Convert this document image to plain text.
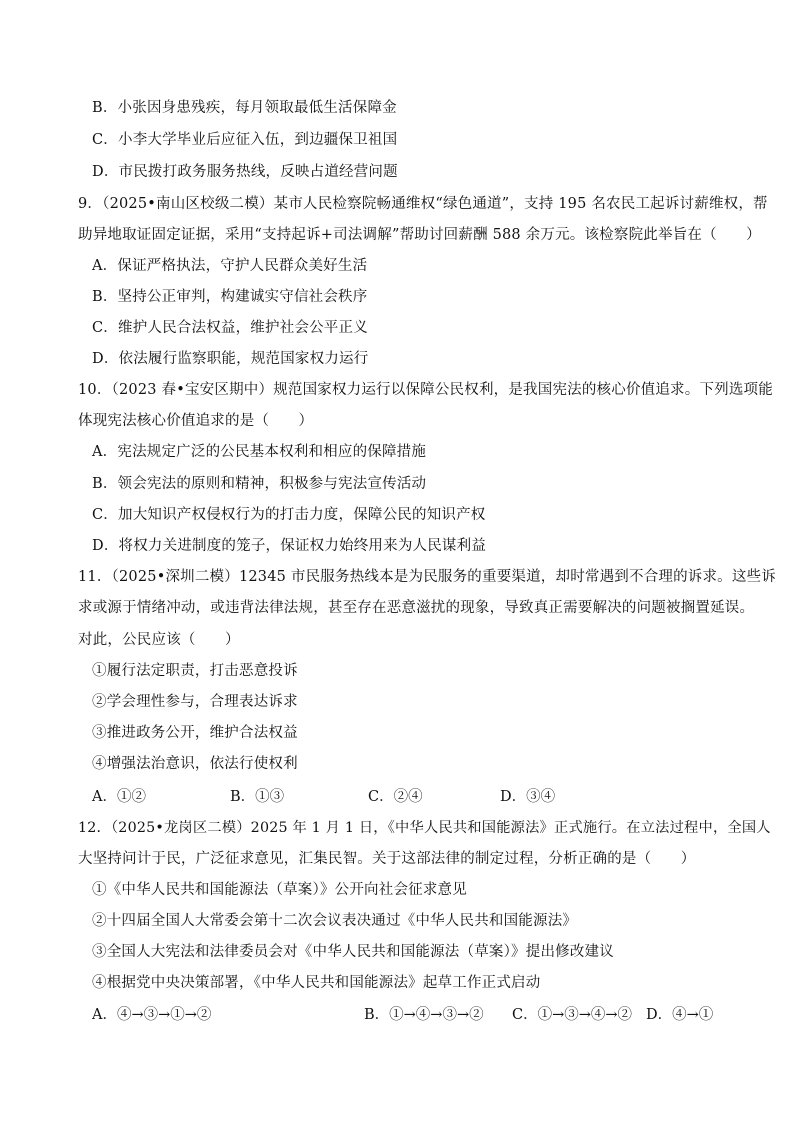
B．小张因身患残疾，每月领取最低生活保障金
C．小李大学毕业后应征入伍，到边疆保卫祖国
D．市民拨打政务服务热线，反映占道经营问题
9．（2025•南山区校级二模）某市人民检察院畅通维权“绿色通道”，支持 195 名农民工起诉讨薪维权，帮
助异地取证固定证据，采用“支持起诉+司法调解”帮助讨回薪酬 588 余万元。该检察院此举旨在（　　）
A．保证严格执法，守护人民群众美好生活
B．坚持公正审判，构建诚实守信社会秩序
C．维护人民合法权益，维护社会公平正义
D．依法履行监察职能，规范国家权力运行
10．（2023 春•宝安区期中）规范国家权力运行以保障公民权利，是我国宪法的核心价值追求。下列选项能
体现宪法核心价值追求的是（　　）
A．宪法规定广泛的公民基本权利和相应的保障措施
B．领会宪法的原则和精神，积极参与宪法宣传活动
C．加大知识产权侵权行为的打击力度，保障公民的知识产权
D．将权力关进制度的笼子，保证权力始终用来为人民谋利益
11．（2025•深圳二模）12345 市民服务热线本是为民服务的重要渠道，却时常遇到不合理的诉求。这些诉
求或源于情绪冲动，或违背法律法规，甚至存在恶意滋扰的现象，导致真正需要解决的问题被搁置延误。
对此，公民应该（　　）
①履行法定职责，打击恶意投诉
②学会理性参与，合理表达诉求
③推进政务公开，维护合法权益
④增强法治意识，依法行使权利
A．①②	B．①③	C．②④	D．③④
12．（2025•龙岗区二模）2025 年 1 月 1 日，《中华人民共和国能源法》正式施行。在立法过程中，全国人
大坚持问计于民，广泛征求意见，汇集民智。关于这部法律的制定过程，分析正确的是（　　）
①《中华人民共和国能源法（草案）》公开向社会征求意见
②十四届全国人大常委会第十二次会议表决通过《中华人民共和国能源法》
③全国人大宪法和法律委员会对《中华人民共和国能源法（草案）》提出修改建议
④根据党中央决策部署，《中华人民共和国能源法》起草工作正式启动
A．④→③→①→②	B．①→④→③→② C．①→③→④→② D．④→①
